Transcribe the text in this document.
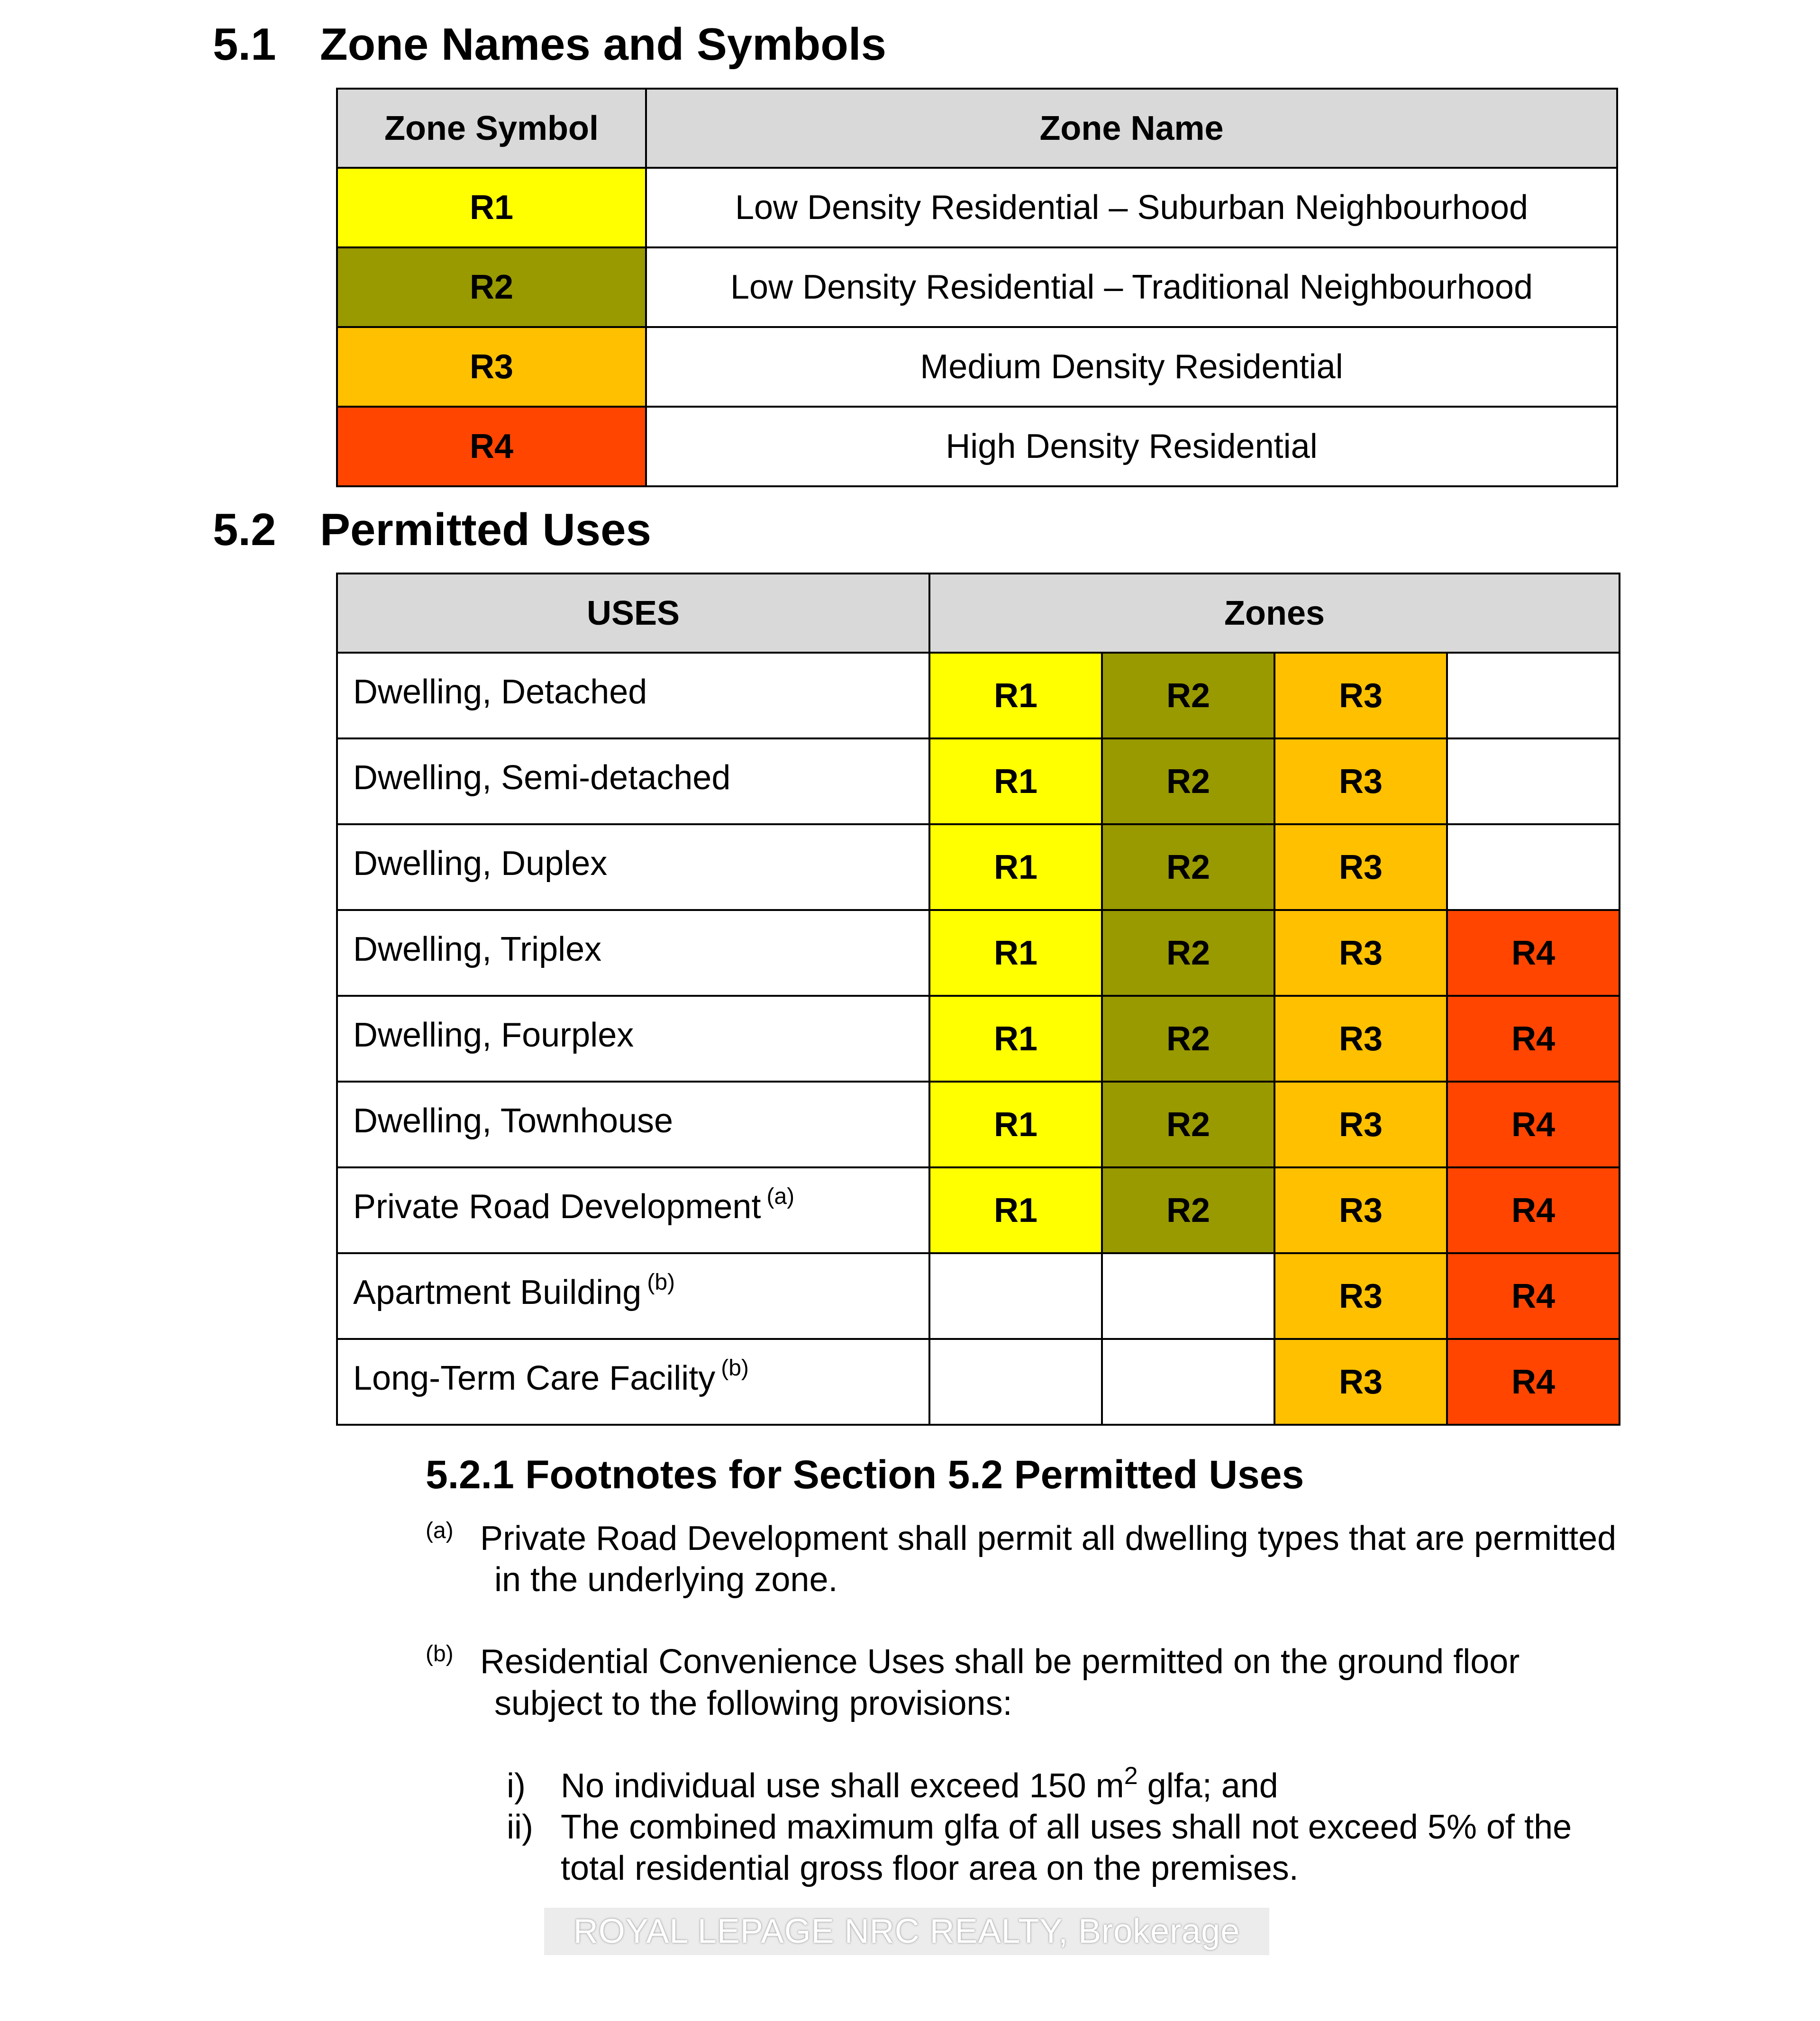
5.1 Zone Names and Symbols
Zone Symbol	Zone Name
R1	Low Density Residential – Suburban Neighbourhood
R2	Low Density Residential – Traditional Neighbourhood
R3	Medium Density Residential
R4	High Density Residential
5.2 Permitted Uses
USES	Zones			
Dwelling, Detached	R1	R2	R3	
Dwelling, Semi-detached	R1	R2	R3	
Dwelling, Duplex	R1	R2	R3	
Dwelling, Triplex	R1	R2	R3	R4
Dwelling, Fourplex	R1	R2	R3	R4
Dwelling, Townhouse	R1	R2	R3	R4
Private Road Development $^{(a)}$	R1	R2	R3	R4
Apartment Building $^{(b)}$			R3	R4
Long-Term Care Facility $^{(b)}$			R3	R4
5.2.1 Footnotes for Section 5.2 Permitted Uses
(a) Private Road Development shall permit all dwelling types that are permitted
in the underlying zone.
(b) Residential Convenience Uses shall be permitted on the ground floor
subject to the following provisions:
i) No individual use shall exceed 150 $m^2$ glfa; and
ii) The combined maximum glfa of all uses shall not exceed 5% of the
total residential gross floor area on the premises.
ROYAL LEPAGE NRC REALTY, Brokerage
